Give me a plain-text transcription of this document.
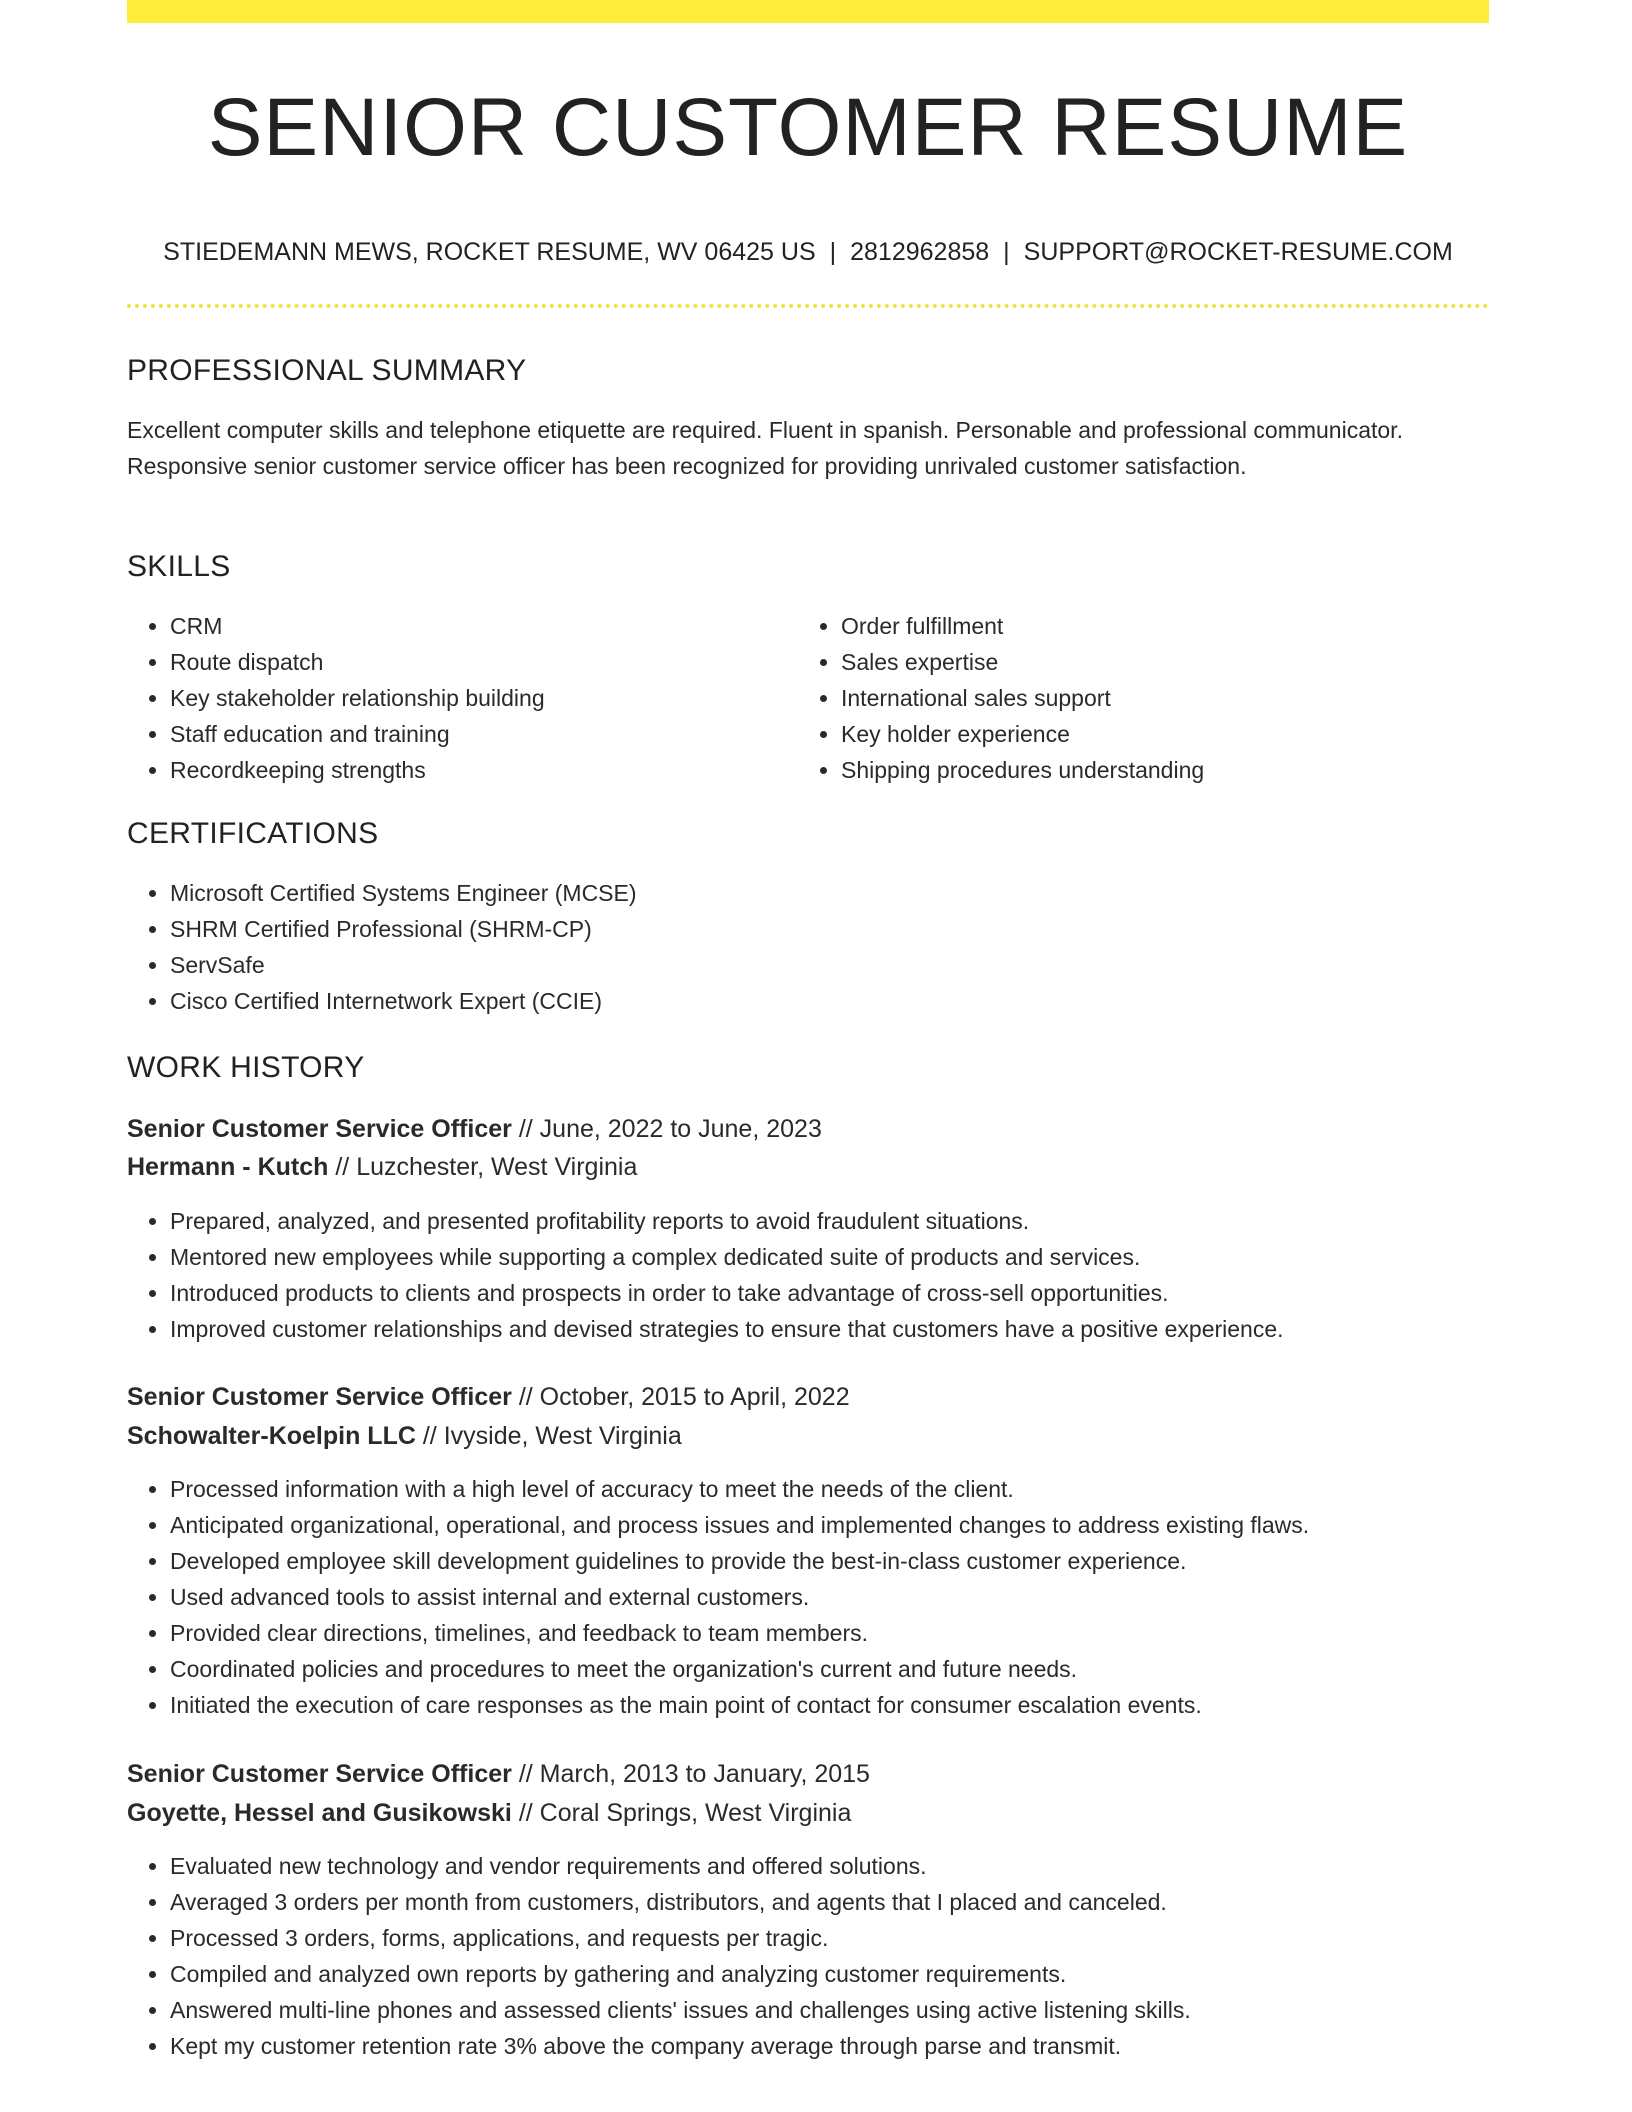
SENIOR CUSTOMER RESUME
STIEDEMANN MEWS, ROCKET RESUME, WV 06425 US | 2812962858 | SUPPORT@ROCKET-RESUME.COM
PROFESSIONAL SUMMARY

Excellent computer skills and telephone etiquette are required. Fluent in spanish. Personable and professional communicator. Responsive senior customer service officer has been recognized for providing unrivaled customer satisfaction.

SKILLS
• CRM
• Route dispatch
• Key stakeholder relationship building
• Staff education and training
• Recordkeeping strengths
• Order fulfillment
• Sales expertise
• International sales support
• Key holder experience
• Shipping procedures understanding
CERTIFICATIONS
• Microsoft Certified Systems Engineer (MCSE)
• SHRM Certified Professional (SHRM-CP)
• ServSafe
• Cisco Certified Internetwork Expert (CCIE)
WORK HISTORY
Senior Customer Service Officer // June, 2022 to June, 2023
Hermann - Kutch // Luzchester, West Virginia
• Prepared, analyzed, and presented profitability reports to avoid fraudulent situations.
• Mentored new employees while supporting a complex dedicated suite of products and services.
• Introduced products to clients and prospects in order to take advantage of cross-sell opportunities.
• Improved customer relationships and devised strategies to ensure that customers have a positive experience.
Senior Customer Service Officer // October, 2015 to April, 2022
Schowalter-Koelpin LLC // Ivyside, West Virginia
• Processed information with a high level of accuracy to meet the needs of the client.
• Anticipated organizational, operational, and process issues and implemented changes to address existing flaws.
• Developed employee skill development guidelines to provide the best-in-class customer experience.
• Used advanced tools to assist internal and external customers.
• Provided clear directions, timelines, and feedback to team members.
• Coordinated policies and procedures to meet the organization's current and future needs.
• Initiated the execution of care responses as the main point of contact for consumer escalation events.
Senior Customer Service Officer // March, 2013 to January, 2015
Goyette, Hessel and Gusikowski // Coral Springs, West Virginia
• Evaluated new technology and vendor requirements and offered solutions.
• Averaged 3 orders per month from customers, distributors, and agents that I placed and canceled.
• Processed 3 orders, forms, applications, and requests per tragic.
• Compiled and analyzed own reports by gathering and analyzing customer requirements.
• Answered multi-line phones and assessed clients' issues and challenges using active listening skills.
• Kept my customer retention rate 3% above the company average through parse and transmit.
